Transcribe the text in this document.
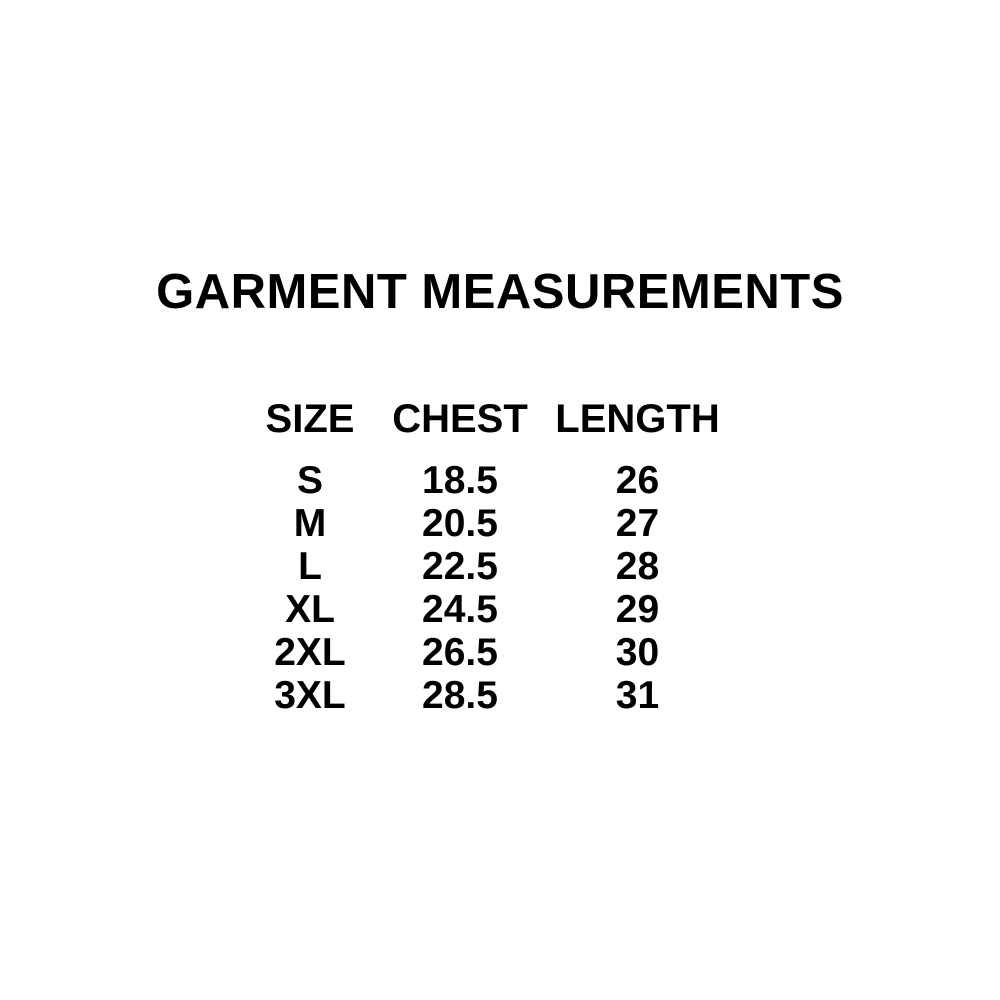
GARMENT MEASUREMENTS
SIZE CHEST LENGTH
S	18.5	26
M	20.5	27
L	22.5	28
XL	24.5	29
2XL	26.5	30
3XL	28.5	31
